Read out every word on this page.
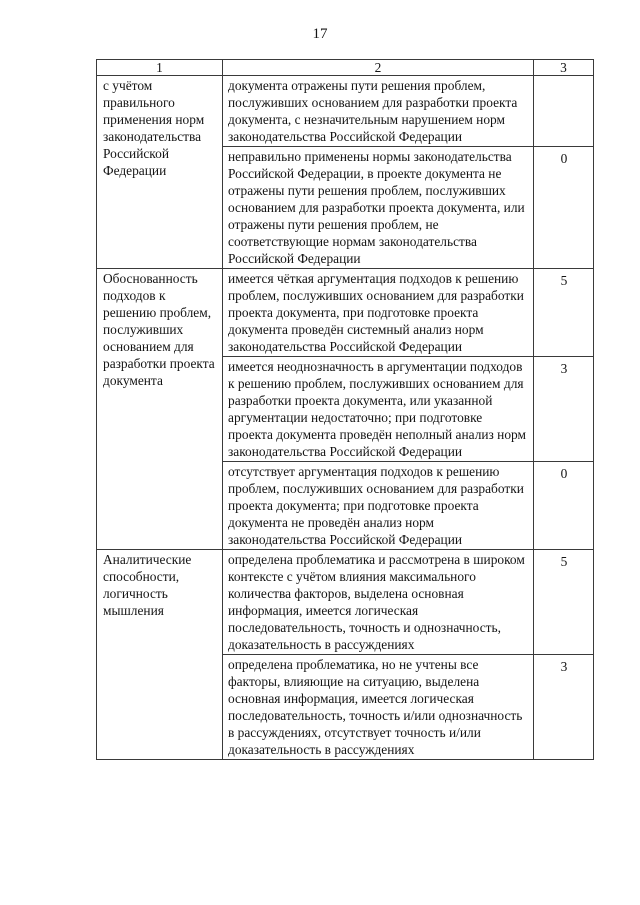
17
1	2	3
с учётом правильного применения норм законодательства Российской Федерации	документа отражены пути решения проблем, послуживших основанием для разработки проекта документа, с незначительным нарушением норм законодательства Российской Федерации	
	неправильно применены нормы законодательства Российской Федерации, в проекте документа не отражены пути решения проблем, послуживших основанием для разработки проекта документа, или отражены пути решения проблем, не соответствующие нормам законодательства Российской Федерации	0
Обоснованность подходов к решению проблем, послуживших основанием для разработки проекта документа	имеется чёткая аргументация подходов к решению проблем, послуживших основанием для разработки проекта документа, при подготовке проекта документа проведён системный анализ норм законодательства Российской Федерации	5
	имеется неоднозначность в аргументации подходов к решению проблем, послуживших основанием для разработки проекта документа, или указанной аргументации недостаточно; при подготовке проекта документа проведён неполный анализ норм законодательства Российской Федерации	3
	отсутствует аргументация подходов к решению проблем, послуживших основанием для разработки проекта документа; при подготовке проекта документа не проведён анализ норм законодательства Российской Федерации	0
Аналитические способности, логичность мышления	определена проблематика и рассмотрена в широком контексте с учётом влияния максимального количества факторов, выделена основная информация, имеется логическая последовательность, точность и однозначность, доказательность в рассуждениях	5
	определена проблематика, но не учтены все факторы, влияющие на ситуацию, выделена основная информация, имеется логическая последовательность, точность и/или однозначность в рассуждениях, отсутствует точность и/или доказательность в рассуждениях	3
